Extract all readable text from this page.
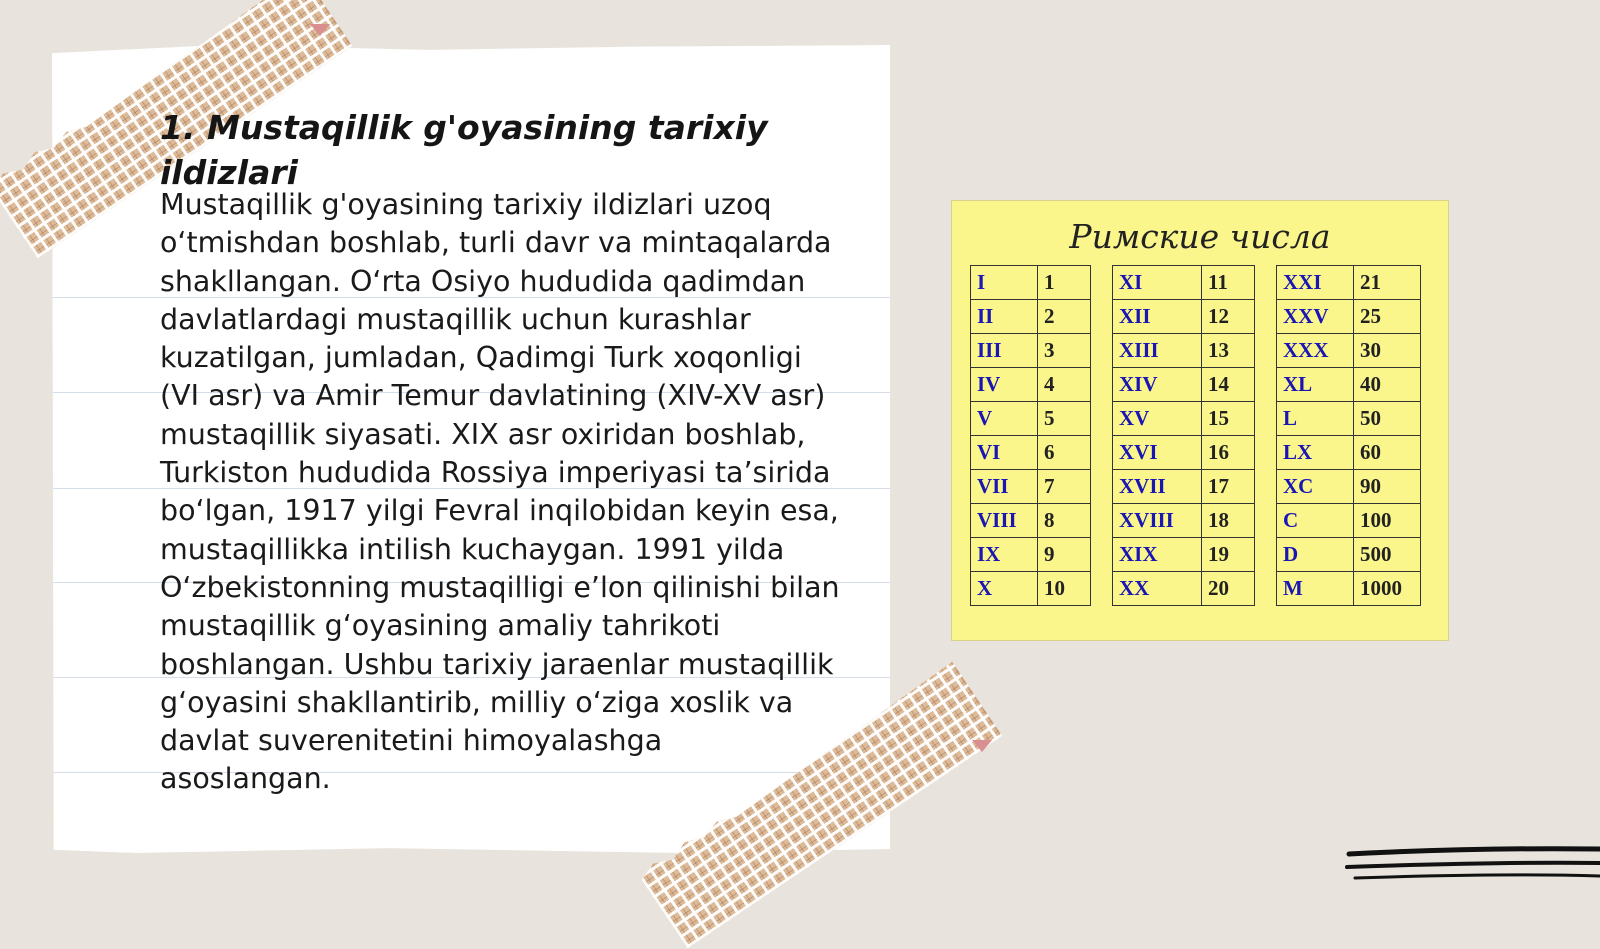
1. Mustaqillik g'oyasining tarixiy ildizlari

Mustaqillik g'oyasining tarixiy ildizlari uzoq o‘tmishdan boshlab, turli davr va mintaqalarda shakllangan. O‘rta Osiyo hududida qadimdan davlatlardagi mustaqillik uchun kurashlar kuzatilgan, jumladan, Qadimgi Turk xoqonligi (VI asr) va Amir Temur davlatining (XIV-XV asr) mustaqillik siyasati. XIX asr oxiridan boshlab, Turkiston hududida Rossiya imperiyasi ta’sirida bo‘lgan, 1917 yilgi Fevral inqilobidan keyin esa, mustaqillikka intilish kuchaygan. 1991 yilda O‘zbekistonning mustaqilligi e’lon qilinishi bilan mustaqillik g‘oyasining amaliy tahrikoti boshlangan. Ushbu tarixiy jaraenlar mustaqillik g‘oyasini shakllantirib, milliy o‘ziga xoslik va davlat suverenitetini himoyalashga asoslangan.

Римские числа
I	1
II	2
III	3
IV	4
V	5
VI	6
VII	7
VIII	8
IX	9
X	10
XI	11
XII	12
XIII	13
XIV	14
XV	15
XVI	16
XVII	17
XVIII	18
XIX	19
XX	20
XXI	21
XXV	25
XXX	30
XL	40
L	50
LX	60
XC	90
C	100
D	500
M	1000
